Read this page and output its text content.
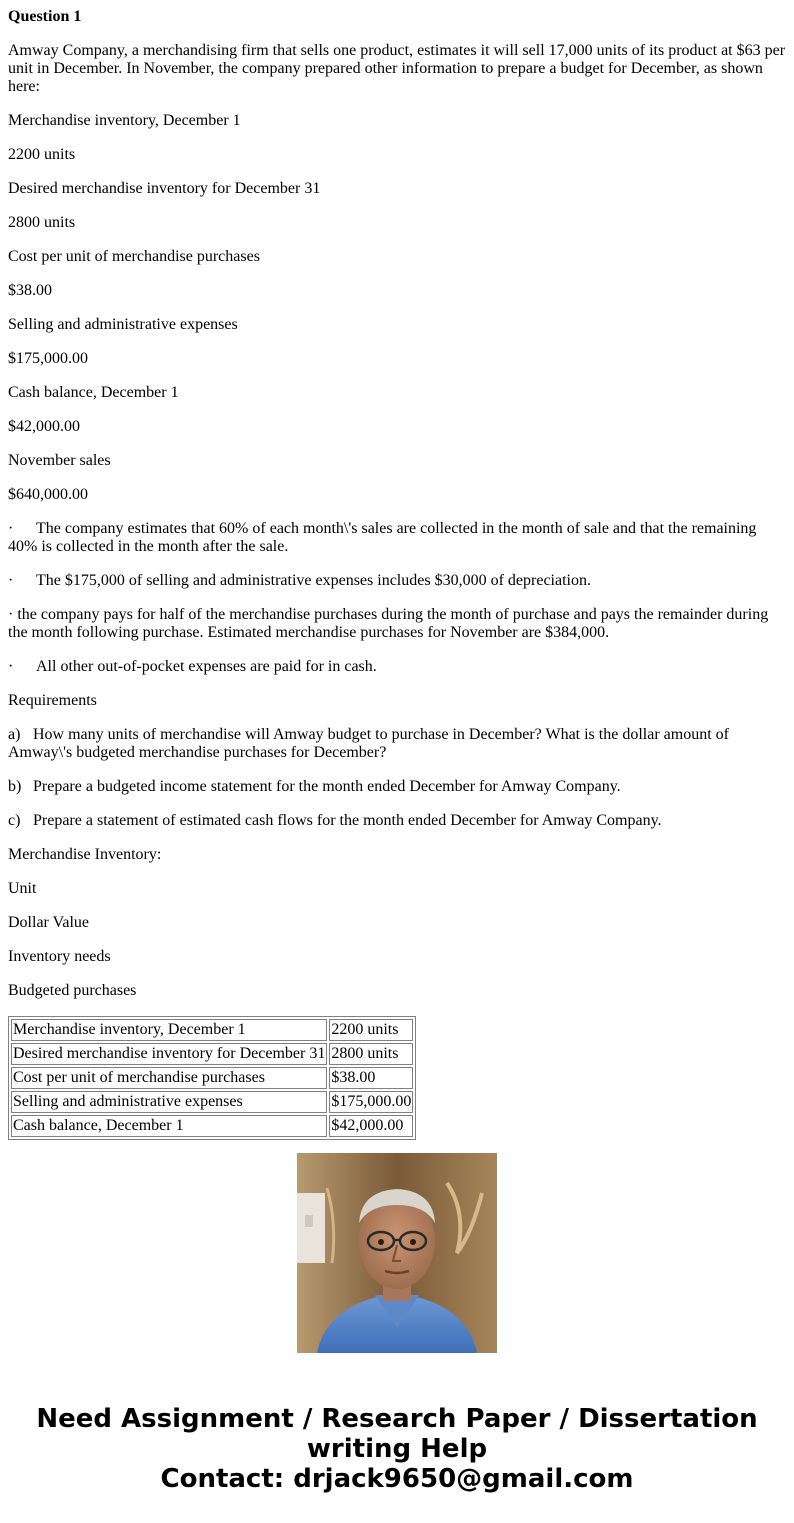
Question 1

Amway Company, a merchandising firm that sells one product, estimates it will sell 17,000 units of its product at $63 per unit in December. In November, the company prepared other information to prepare a budget for December, as shown here:

Merchandise inventory, December 1

2200 units

Desired merchandise inventory for December 31

2800 units

Cost per unit of merchandise purchases

$38.00

Selling and administrative expenses

$175,000.00

Cash balance, December 1

$42,000.00

November sales

$640,000.00

· The company estimates that 60% of each month\'s sales are collected in the month of sale and that the remaining 40% is collected in the month after the sale.

· The $175,000 of selling and administrative expenses includes $30,000 of depreciation.

· the company pays for half of the merchandise purchases during the month of purchase and pays the remainder during the month following purchase. Estimated merchandise purchases for November are $384,000.

· All other out-of-pocket expenses are paid for in cash.

Requirements

a) How many units of merchandise will Amway budget to purchase in December? What is the dollar amount of Amway\'s budgeted merchandise purchases for December?

b) Prepare a budgeted income statement for the month ended December for Amway Company.

c) Prepare a statement of estimated cash flows for the month ended December for Amway Company.

Merchandise Inventory:

Unit

Dollar Value

Inventory needs

Budgeted purchases

Merchandise inventory, December 1	2200 units
Desired merchandise inventory for December 31	2800 units
Cost per unit of merchandise purchases	$38.00
Selling and administrative expenses	$175,000.00
Cash balance, December 1	$42,000.00
Need Assignment / Research Paper / Dissertation
writing Help
Contact: drjack9650@gmail.com
